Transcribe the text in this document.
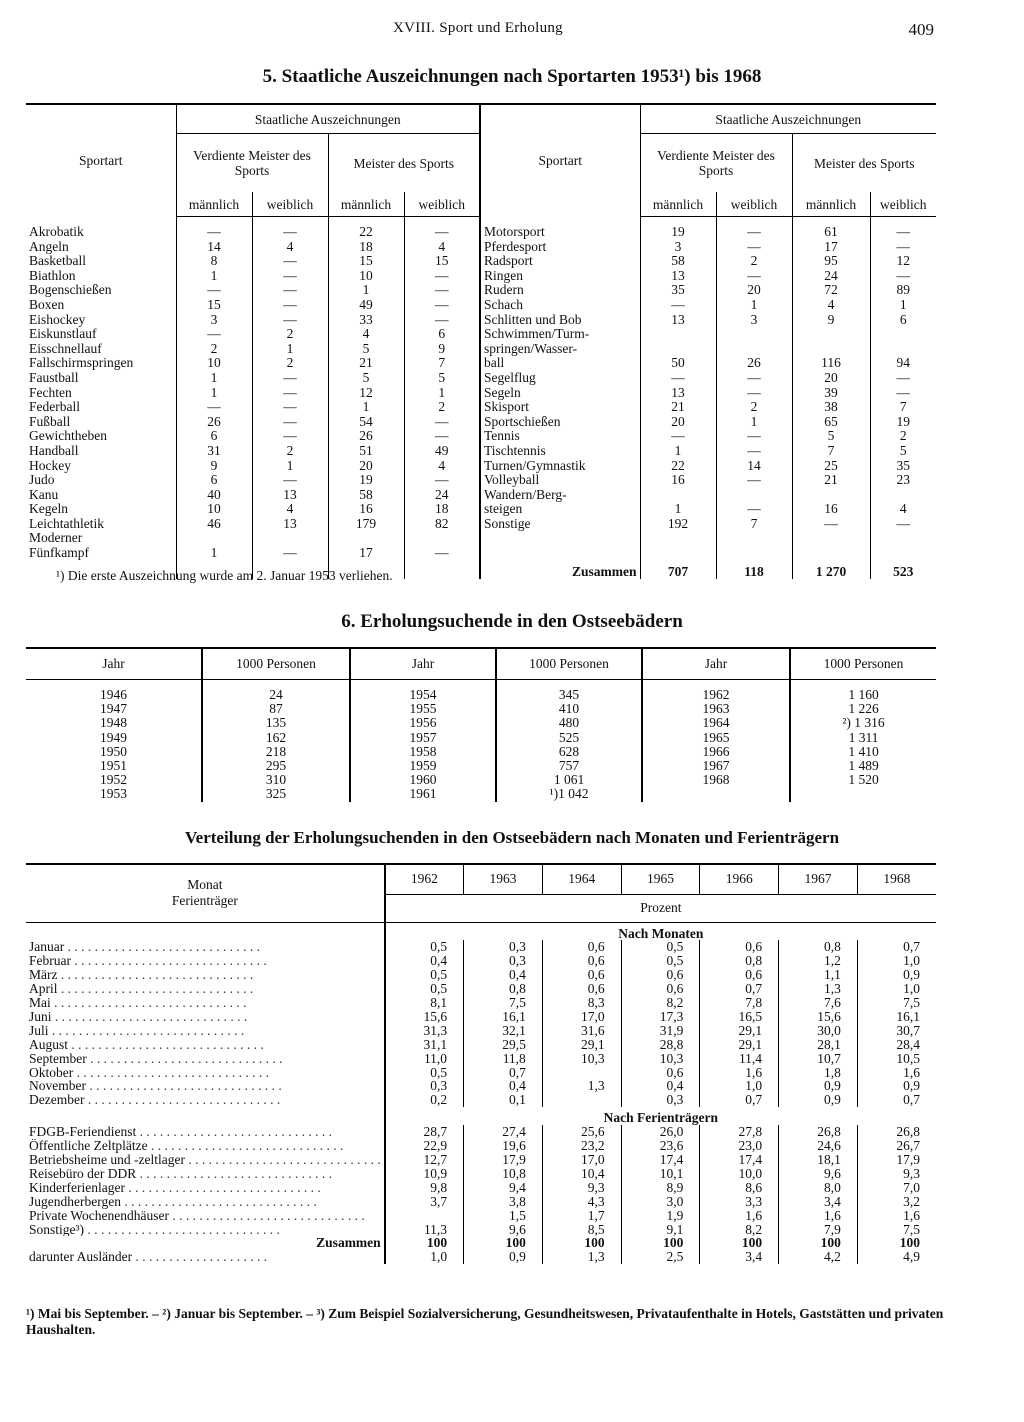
XVIII. Sport und Erholung	409
5. Staatliche Auszeichnungen nach Sportarten 1953¹) bis 1968
Sportart	Staatliche Auszeichnungen				Sportart	Staatliche Auszeichnungen			
	Verdiente Meister des Sports		Meister des Sports			Verdiente Meister des Sports		Meister des Sports	
	männlich	weiblich	männlich	weiblich		männlich	weiblich	männlich	weiblich
Akrobatik	—	—	22	—	Motorsport	19	—	61	—
Angeln	14	4	18	4	Pferdesport	3	—	17	—
Basketball	8	—	15	15	Radsport	58	2	95	12
Biathlon	1	—	10	—	Ringen	13	—	24	—
Bogenschießen	—	—	1	—	Rudern	35	20	72	89
Boxen	15	—	49	—	Schach	—	1	4	1
Eishockey	3	—	33	—	Schlitten und Bob	13	3	9	6
Eiskunstlauf	—	2	4	6	Schwimmen/Turm-				
Eisschnellauf	2	1	5	9	springen/Wasser-				
Fallschirmspringen	10	2	21	7	ball	50	26	116	94
Faustball	1	—	5	5	Segelflug	—	—	20	—
Fechten	1	—	12	1	Segeln	13	—	39	—
Federball	—	—	1	2	Skisport	21	2	38	7
Fußball	26	—	54	—	Sportschießen	20	1	65	19
Gewichtheben	6	—	26	—	Tennis	—	—	5	2
Handball	31	2	51	49	Tischtennis	1	—	7	5
Hockey	9	1	20	4	Turnen/Gymnastik	22	14	25	35
Judo	6	—	19	—	Volleyball	16	—	21	23
Kanu	40	13	58	24	Wandern/Berg-				
Kegeln	10	4	16	18	steigen	1	—	16	4
Leichtathletik	46	13	179	82	Sonstige	192	7	—	—
Moderner									
Fünfkampf	1	—	17	—					
					Zusammen	707	118	1 270	523
¹) Die erste Auszeichnung wurde am 2. Januar 1953 verliehen.
6. Erholungsuchende in den Ostseebädern
Jahr	1000 Personen	Jahr	1000 Personen	Jahr	1000 Personen
1946	24	1954	345	1962	1 160
1947	87	1955	410	1963	1 226
1948	135	1956	480	1964	²) 1 316
1949	162	1957	525	1965	1 311
1950	218	1958	628	1966	1 410
1951	295	1959	757	1967	1 489
1952	310	1960	1 061	1968	1 520
1953	325	1961	¹)1 042		
Verteilung der Erholungsuchenden in den Ostseebädern nach Monaten und Ferienträgern
Monat
Ferienträger	1962	1963	1964	1965	1966	1967	1968
	Prozent						
	Nach Monaten						
Januar . . . . . . . . . . . . . . . . . . . . . . . . . . . . .	0,5	0,3	0,6	0,5	0,6	0,8	0,7
Februar . . . . . . . . . . . . . . . . . . . . . . . . . . . . .	0,4	0,3	0,6	0,5	0,8	1,2	1,0
März . . . . . . . . . . . . . . . . . . . . . . . . . . . . .	0,5	0,4	0,6	0,6	0,6	1,1	0,9
April . . . . . . . . . . . . . . . . . . . . . . . . . . . . .	0,5	0,8	0,6	0,6	0,7	1,3	1,0
Mai . . . . . . . . . . . . . . . . . . . . . . . . . . . . .	8,1	7,5	8,3	8,2	7,8	7,6	7,5
Juni . . . . . . . . . . . . . . . . . . . . . . . . . . . . .	15,6	16,1	17,0	17,3	16,5	15,6	16,1
Juli . . . . . . . . . . . . . . . . . . . . . . . . . . . . .	31,3	32,1	31,6	31,9	29,1	30,0	30,7
August . . . . . . . . . . . . . . . . . . . . . . . . . . . . .	31,1	29,5	29,1	28,8	29,1	28,1	28,4
September . . . . . . . . . . . . . . . . . . . . . . . . . . . . .	11,0	11,8	10,3	10,3	11,4	10,7	10,5
Oktober . . . . . . . . . . . . . . . . . . . . . . . . . . . . .	0,5	0,7		0,6	1,6	1,8	1,6
November . . . . . . . . . . . . . . . . . . . . . . . . . . . . .	0,3	0,4	1,3	0,4	1,0	0,9	0,9
Dezember . . . . . . . . . . . . . . . . . . . . . . . . . . . . .	0,2	0,1		0,3	0,7	0,9	0,7
	Nach Ferienträgern						
FDGB-Feriendienst . . . . . . . . . . . . . . . . . . . . . . . . . . . . .	28,7	27,4	25,6	26,0	27,8	26,8	26,8
Öffentliche Zeltplätze . . . . . . . . . . . . . . . . . . . . . . . . . . . . .	22,9	19,6	23,2	23,6	23,0	24,6	26,7
Betriebsheime und -zeltlager . . . . . . . . . . . . . . . . . . . . . . . . . . . . .	12,7	17,9	17,0	17,4	17,4	18,1	17,9
Reisebüro der DDR . . . . . . . . . . . . . . . . . . . . . . . . . . . . .	10,9	10,8	10,4	10,1	10,0	9,6	9,3
Kinderferienlager . . . . . . . . . . . . . . . . . . . . . . . . . . . . .	9,8	9,4	9,3	8,9	8,6	8,0	7,0
Jugendherbergen . . . . . . . . . . . . . . . . . . . . . . . . . . . . .	3,7	3,8	4,3	3,0	3,3	3,4	3,2
Private Wochenendhäuser . . . . . . . . . . . . . . . . . . . . . . . . . . . . .		1,5	1,7	1,9	1,6	1,6	1,6
Sonstige³) . . . . . . . . . . . . . . . . . . . . . . . . . . . . .	11,3	9,6	8,5	9,1	8,2	7,9	7,5
Zusammen	100	100	100	100	100	100	100
darunter Ausländer . . . . . . . . . . . . . . . . . . . .	1,0	0,9	1,3	2,5	3,4	4,2	4,9
¹) Mai bis September. – ²) Januar bis September. – ³) Zum Beispiel Sozialversicherung, Gesundheitswesen, Privataufenthalte in Hotels, Gaststätten und privaten Haushalten.
